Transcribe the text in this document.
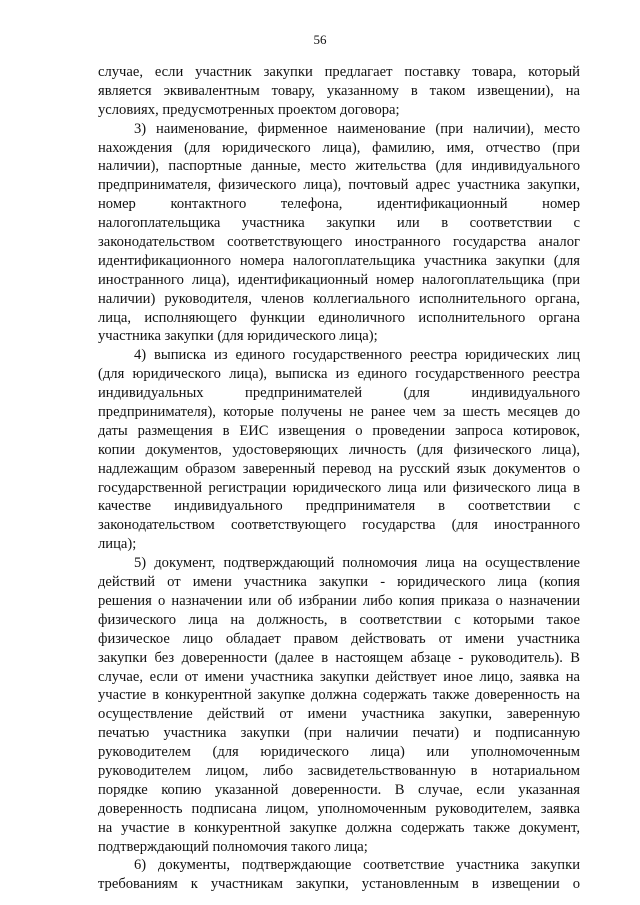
56
случае, если участник закупки предлагает поставку товара, который
является эквивалентным товару, указанному в таком извещении), на
условиях, предусмотренных проектом договора;
3) наименование, фирменное наименование (при наличии), место
нахождения (для юридического лица), фамилию, имя, отчество (при
наличии), паспортные данные, место жительства (для индивидуального
предпринимателя, физического лица), почтовый адрес участника закупки,
номер контактного телефона, идентификационный номер
налогоплательщика участника закупки или в соответствии с
законодательством соответствующего иностранного государства аналог
идентификационного номера налогоплательщика участника закупки (для
иностранного лица), идентификационный номер налогоплательщика (при
наличии) руководителя, членов коллегиального исполнительного органа,
лица, исполняющего функции единоличного исполнительного органа
участника закупки (для юридического лица);
4) выписка из единого государственного реестра юридических лиц
(для юридического лица), выписка из единого государственного реестра
индивидуальных предпринимателей (для индивидуального
предпринимателя), которые получены не ранее чем за шесть месяцев до
даты размещения в ЕИС извещения о проведении запроса котировок,
копии документов, удостоверяющих личность (для физического лица),
надлежащим образом заверенный перевод на русский язык документов о
государственной регистрации юридического лица или физического лица в
качестве индивидуального предпринимателя в соответствии с
законодательством соответствующего государства (для иностранного
лица);
5) документ, подтверждающий полномочия лица на осуществление
действий от имени участника закупки - юридического лица (копия
решения о назначении или об избрании либо копия приказа о назначении
физического лица на должность, в соответствии с которыми такое
физическое лицо обладает правом действовать от имени участника
закупки без доверенности (далее в настоящем абзаце - руководитель). В
случае, если от имени участника закупки действует иное лицо, заявка на
участие в конкурентной закупке должна содержать также доверенность на
осуществление действий от имени участника закупки, заверенную
печатью участника закупки (при наличии печати) и подписанную
руководителем (для юридического лица) или уполномоченным
руководителем лицом, либо засвидетельствованную в нотариальном
порядке копию указанной доверенности. В случае, если указанная
доверенность подписана лицом, уполномоченным руководителем, заявка
на участие в конкурентной закупке должна содержать также документ,
подтверждающий полномочия такого лица;
6) документы, подтверждающие соответствие участника закупки
требованиям к участникам закупки, установленным в извещении о
